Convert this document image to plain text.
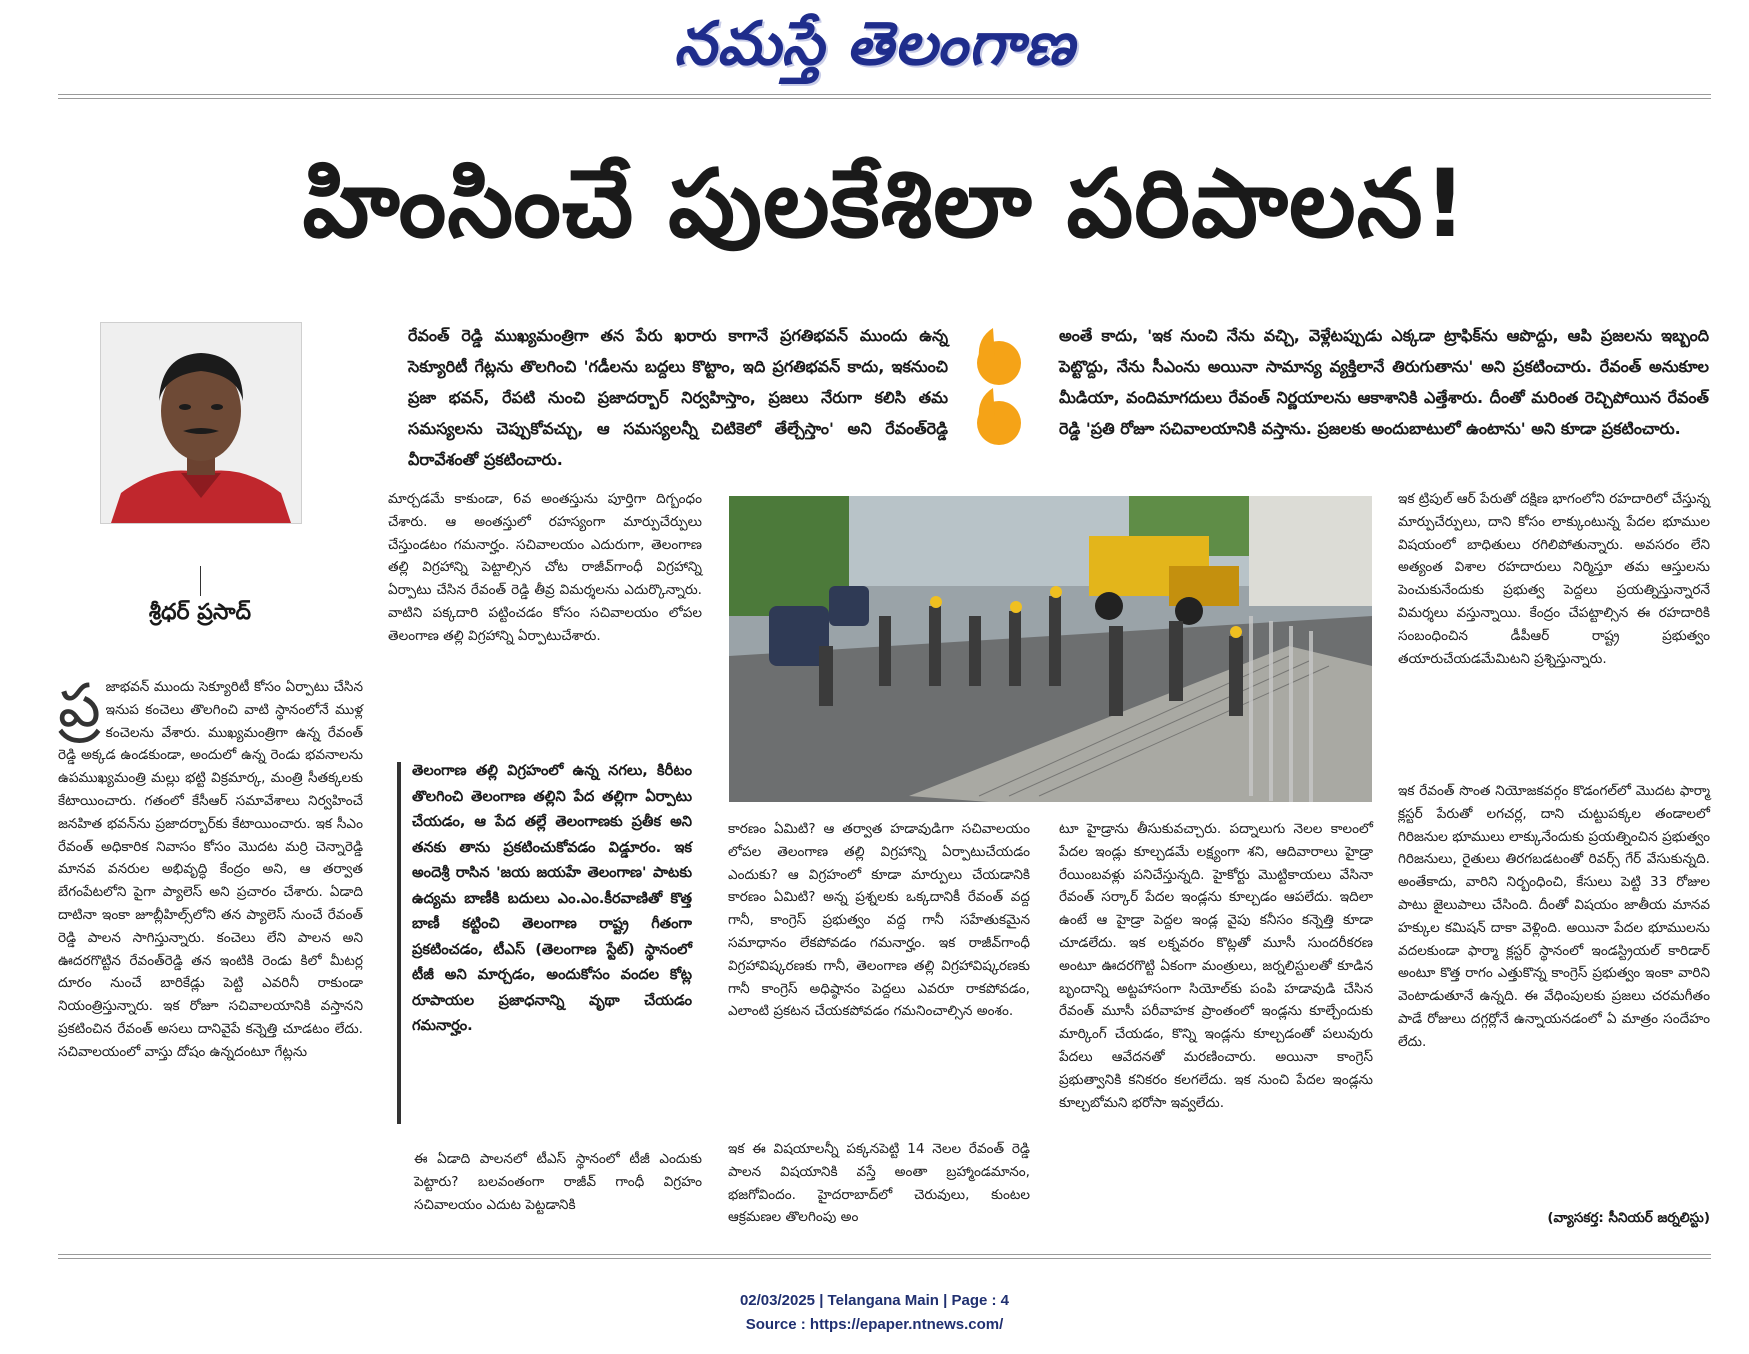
నమస్తే తెలంగాణ
హింసించే పులకేశిలా పరిపాలన!
శ్రీధర్ ప్రసాద్
రేవంత్ రెడ్డి ముఖ్యమంత్రిగా తన పేరు ఖరారు కాగానే ప్రగతిభవన్ ముందు ఉన్న సెక్యూరిటీ గేట్లను తొలగించి 'గడీలను బద్దలు కొట్టాం, ఇది ప్రగతిభవన్ కాదు, ఇకనుంచి ప్రజా భవన్, రేపటి నుంచి ప్రజాదర్బార్ నిర్వహిస్తాం, ప్రజలు నేరుగా కలిసి తమ సమస్యలను చెప్పుకోవచ్చు, ఆ సమస్యలన్నీ చిటికెలో తేల్చేస్తాం' అని రేవంత్‌రెడ్డి వీరావేశంతో ప్రకటించారు.
అంతే కాదు, 'ఇక నుంచి నేను వచ్చి, వెళ్లేటప్పుడు ఎక్కడా ట్రాఫిక్‌ను ఆపొద్దు, ఆపి ప్రజలను ఇబ్బంది పెట్టొద్దు, నేను సీఎంను అయినా సామాన్య వ్యక్తిలానే తిరుగుతాను' అని ప్రకటించారు. రేవంత్ అనుకూల మీడియా, వందిమాగదులు రేవంత్ నిర్ణయాలను ఆకాశానికి ఎత్తేశారు. దీంతో మరింత రెచ్చిపోయిన రేవంత్ రెడ్డి 'ప్రతి రోజూ సచివాలయానికి వస్తాను. ప్రజలకు అందుబాటులో ఉంటాను' అని కూడా ప్రకటించారు.
ప్ర జాభవన్ ముందు సెక్యూరిటీ కోసం ఏర్పాటు చేసిన ఇనుప కంచెలు తొలగించి వాటి స్థానంలోనే ముళ్ల కంచెలను వేశారు. ముఖ్యమంత్రిగా ఉన్న రేవంత్ రెడ్డి అక్కడ ఉండకుండా, అందులో ఉన్న రెండు భవనాలను ఉపముఖ్యమంత్రి మల్లు భట్టి విక్రమార్క, మంత్రి సీతక్కలకు కేటాయించారు. గతంలో కేసీఆర్ సమావేశాలు నిర్వహించే జనహిత భవన్‌ను ప్రజాదర్బార్‌కు కేటాయించారు. ఇక సీఎం రేవంత్ అధికారిక నివాసం కోసం మొదట మర్రి చెన్నారెడ్డి మానవ వనరుల అభివృద్ధి కేంద్రం అని, ఆ తర్వాత బేగంపేటలోని పైగా ప్యాలెస్ అని ప్రచారం చేశారు. ఏడాది దాటినా ఇంకా జూబ్లీహిల్స్‌లోని తన ప్యాలెస్ నుంచే రేవంత్ రెడ్డి పాలన సాగిస్తున్నారు. కంచెలు లేని పాలన అని ఊదరగొట్టిన రేవంత్‌రెడ్డి తన ఇంటికి రెండు కిలో మీటర్ల దూరం నుంచే బారికేడ్లు పెట్టి ఎవరినీ రాకుండా నియంత్రిస్తున్నారు. ఇక రోజూ సచివాలయానికి వస్తానని ప్రకటించిన రేవంత్ అసలు దానివైపే కన్నెత్తి చూడటం లేదు. సచివాలయంలో వాస్తు దోషం ఉన్నదంటూ గేట్లను
మార్చడమే కాకుండా, 6వ అంతస్తును పూర్తిగా దిగ్బంధం చేశారు. ఆ అంతస్తులో రహస్యంగా మార్పుచేర్పులు చేస్తుండటం గమనార్హం. సచివాలయం ఎదురుగా, తెలంగాణ తల్లి విగ్రహాన్ని పెట్టాల్సిన చోట రాజీవ్‌గాంధీ విగ్రహాన్ని ఏర్పాటు చేసిన రేవంత్ రెడ్డి తీవ్ర విమర్శలను ఎదుర్కొన్నారు. వాటిని పక్కదారి పట్టించడం కోసం సచివాలయం లోపల తెలంగాణ తల్లి విగ్రహాన్ని ఏర్పాటుచేశారు.
తెలంగాణ తల్లి విగ్రహంలో ఉన్న నగలు, కిరీటం తొలగించి తెలంగాణ తల్లిని పేద తల్లిగా ఏర్పాటు చేయడం, ఆ పేద తల్లే తెలంగాణకు ప్రతీక అని తనకు తాను ప్రకటించుకోవడం విడ్డూరం. ఇక అందెశ్రీ రాసిన 'జయ జయహే తెలంగాణ' పాటకు ఉద్యమ బాణీకి బదులు ఎం.ఎం.కీరవాణితో కొత్త బాణీ కట్టించి తెలంగాణ రాష్ట్ర గీతంగా ప్రకటించడం, టీఎస్ (తెలంగాణ స్టేట్) స్థానంలో టీజీ అని మార్చడం, అందుకోసం వందల కోట్ల రూపాయల ప్రజాధనాన్ని వృథా చేయడం గమనార్హం.
ఈ ఏడాది పాలనలో టీఎస్ స్థానంలో టీజీ ఎందుకు పెట్టారు? బలవంతంగా రాజీవ్ గాంధీ విగ్రహం సచివాలయం ఎదుట పెట్టడానికి
కారణం ఏమిటి? ఆ తర్వాత హడావుడిగా సచివాలయం లోపల తెలంగాణ తల్లి విగ్రహాన్ని ఏర్పాటుచేయడం ఎందుకు? ఆ విగ్రహంలో కూడా మార్పులు చేయడానికి కారణం ఏమిటి? అన్న ప్రశ్నలకు ఒక్కదానికీ రేవంత్ వద్ద గానీ, కాంగ్రెస్ ప్రభుత్వం వద్ద గానీ సహేతుకమైన సమాధానం లేకపోవడం గమనార్హం. ఇక రాజీవ్‌గాంధీ విగ్రహావిష్కరణకు గానీ, తెలంగాణ తల్లి విగ్రహావిష్కరణకు గానీ కాంగ్రెస్ అధిష్ఠానం పెద్దలు ఎవరూ రాకపోవడం, ఎలాంటి ప్రకటన చేయకపోవడం గమనించాల్సిన అంశం.
ఇక ఈ విషయాలన్నీ పక్కనపెట్టి 14 నెలల రేవంత్ రెడ్డి పాలన విషయానికి వస్తే అంతా బ్రహ్మాండమానం, భజగోవిందం. హైదరాబాద్‌లో చెరువులు, కుంటల ఆక్రమణల తొలగింపు అం
టూ హైడ్రాను తీసుకువచ్చారు. పద్నాలుగు నెలల కాలంలో పేదల ఇండ్లు కూల్చడమే లక్ష్యంగా శని, ఆదివారాలు హైడ్రా రేయింబవళ్లు పనిచేస్తున్నది. హైకోర్టు మొట్టికాయలు వేసినా రేవంత్ సర్కార్ పేదల ఇండ్లను కూల్చడం ఆపలేదు. ఇదిలా ఉంటే ఆ హైడ్రా పెద్దల ఇండ్ల వైపు కనీసం కన్నెత్తి కూడా చూడలేదు. ఇక లక్నవరం కొట్లతో మూసీ సుందరీకరణ అంటూ ఊదరగొట్టి ఏకంగా మంత్రులు, జర్నలిస్టులతో కూడిన బృందాన్ని అట్టహాసంగా సియోల్‌కు పంపి హడావుడి చేసిన రేవంత్ మూసీ పరీవాహక ప్రాంతంలో ఇండ్లను కూల్చేందుకు మార్కింగ్ చేయడం, కొన్ని ఇండ్లను కూల్చడంతో పలువురు పేదలు ఆవేదనతో మరణించారు. అయినా కాంగ్రెస్ ప్రభుత్వానికి కనికరం కలగలేదు. ఇక నుంచి పేదల ఇండ్లను కూల్చబోమని భరోసా ఇవ్వలేదు.
ఇక ట్రిపుల్ ఆర్ పేరుతో దక్షిణ భాగంలోని రహదారిలో చేస్తున్న మార్పుచేర్పులు, దాని కోసం లాక్కుంటున్న పేదల భూముల విషయంలో బాధితులు రగిలిపోతున్నారు. అవసరం లేని అత్యంత విశాల రహదారులు నిర్మిస్తూ తమ ఆస్తులను పెంచుకునేందుకు ప్రభుత్వ పెద్దలు ప్రయత్నిస్తున్నారనే విమర్శలు వస్తున్నాయి. కేంద్రం చేపట్టాల్సిన ఈ రహదారికి సంబంధించిన డీపీఆర్ రాష్ట్ర ప్రభుత్వం తయారుచేయడమేమిటని ప్రశ్నిస్తున్నారు.
ఇక రేవంత్ సొంత నియోజకవర్గం కొడంగల్‌లో మొదట ఫార్మా క్లస్టర్ పేరుతో లగచర్ల, దాని చుట్టుపక్కల తండాలలో గిరిజనుల భూములు లాక్కునేందుకు ప్రయత్నించిన ప్రభుత్వం గిరిజనులు, రైతులు తిరగబడటంతో రివర్స్ గేర్ వేసుకున్నది. అంతేకాదు, వారిని నిర్బంధించి, కేసులు పెట్టి 33 రోజుల పాటు జైలుపాలు చేసింది. దీంతో విషయం జాతీయ మానవ హక్కుల కమిషన్ దాకా వెళ్లింది. అయినా పేదల భూములను వదలకుండా ఫార్మా క్లస్టర్ స్థానంలో ఇండస్ట్రియల్ కారిడార్ అంటూ కొత్త రాగం ఎత్తుకొన్న కాంగ్రెస్ ప్రభుత్వం ఇంకా వారిని వెంటాడుతూనే ఉన్నది. ఈ వేధింపులకు ప్రజలు చరమగీతం పాడే రోజులు దగ్గర్లోనే ఉన్నాయనడంలో ఏ మాత్రం సందేహం లేదు.
(వ్యాసకర్త: సీనియర్ జర్నలిస్టు)
02/03/2025 | Telangana Main | Page : 4
Source : https://epaper.ntnews.com/
